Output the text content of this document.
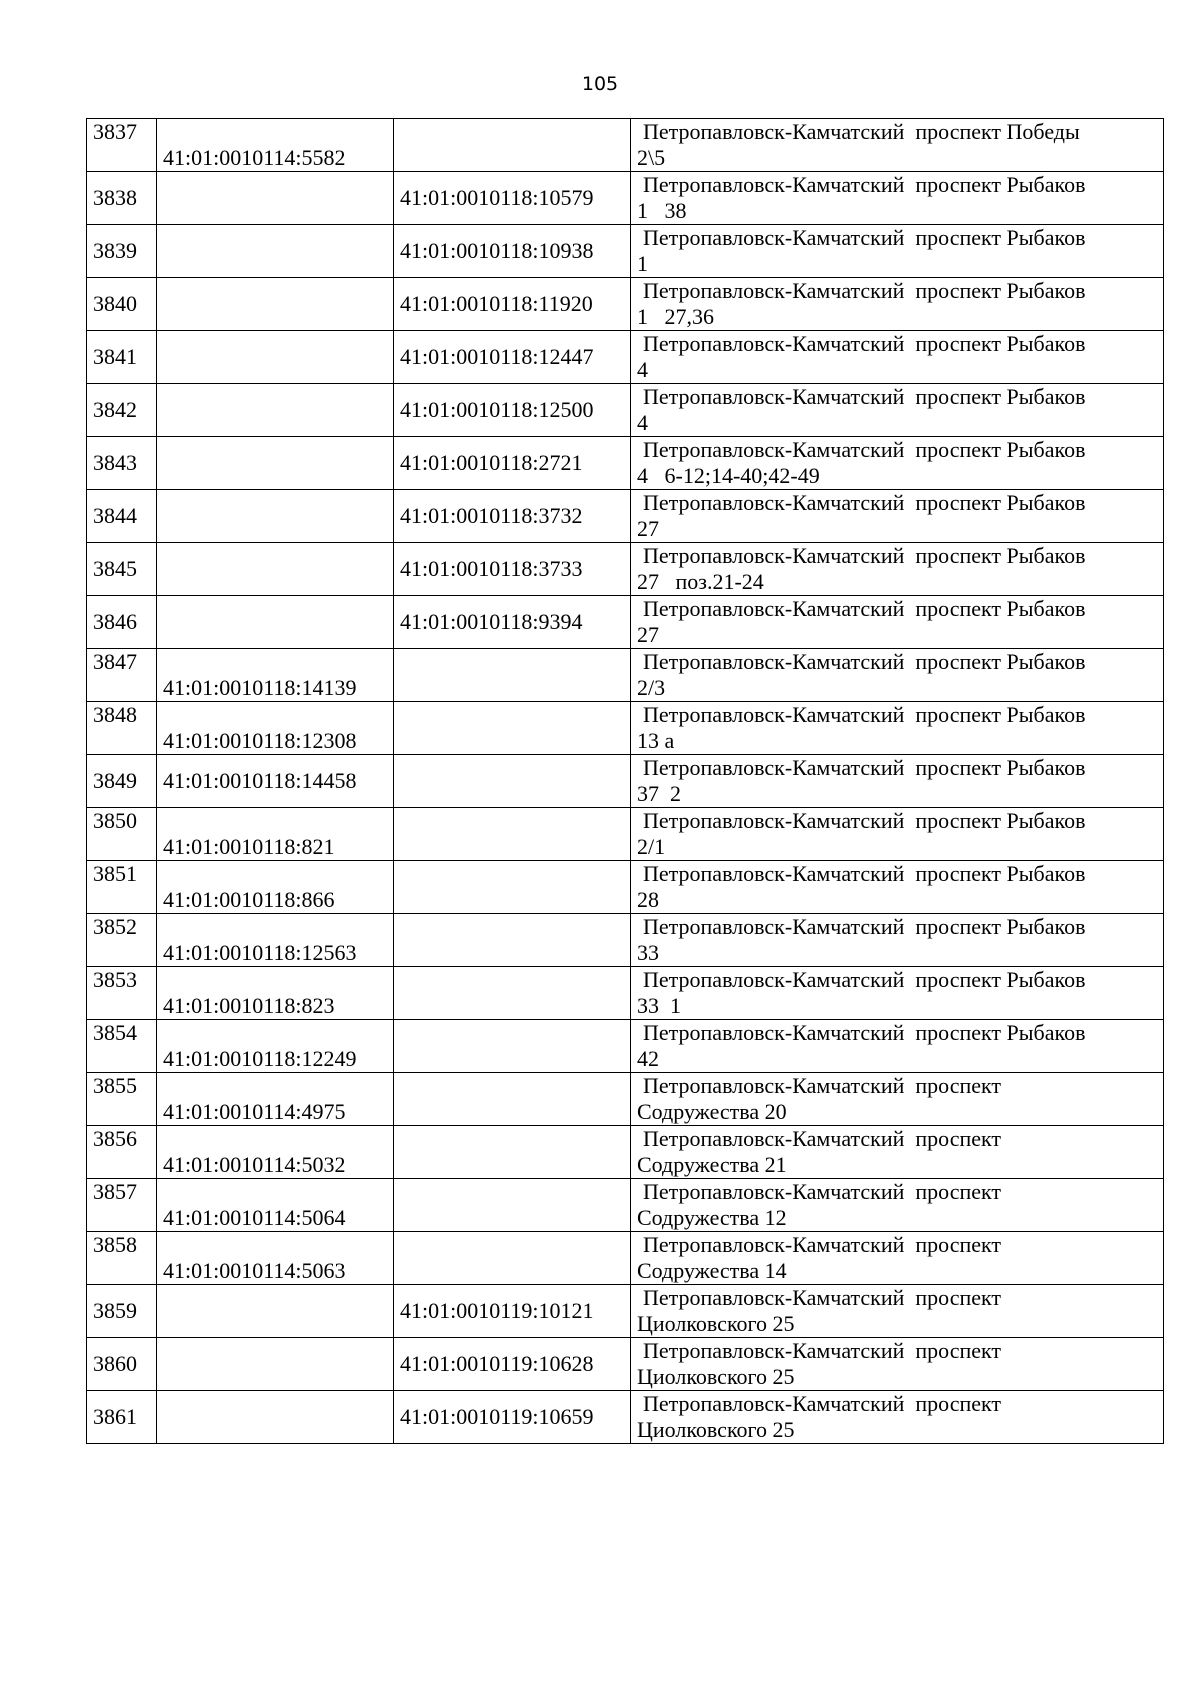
105
3837	41:01:0010114:5582		Петропавловск-Камчатский  проспект Победы
2\5

3838		41:01:0010118:10579	Петропавловск-Камчатский  проспект Рыбаков
1   38

3839		41:01:0010118:10938	Петропавловск-Камчатский  проспект Рыбаков
1

3840		41:01:0010118:11920	Петропавловск-Камчатский  проспект Рыбаков
1   27,36

3841		41:01:0010118:12447	Петропавловск-Камчатский  проспект Рыбаков
4

3842		41:01:0010118:12500	Петропавловск-Камчатский  проспект Рыбаков
4

3843		41:01:0010118:2721	Петропавловск-Камчатский  проспект Рыбаков
4   6-12;14-40;42-49

3844		41:01:0010118:3732	Петропавловск-Камчатский  проспект Рыбаков
27

3845		41:01:0010118:3733	Петропавловск-Камчатский  проспект Рыбаков
27   поз.21-24

3846		41:01:0010118:9394	Петропавловск-Камчатский  проспект Рыбаков
27

3847	41:01:0010118:14139		Петропавловск-Камчатский  проспект Рыбаков
2/3

3848	41:01:0010118:12308		Петропавловск-Камчатский  проспект Рыбаков
13 а

3849	41:01:0010118:14458		Петропавловск-Камчатский  проспект Рыбаков
37  2

3850	41:01:0010118:821		Петропавловск-Камчатский  проспект Рыбаков
2/1

3851	41:01:0010118:866		Петропавловск-Камчатский  проспект Рыбаков
28

3852	41:01:0010118:12563		Петропавловск-Камчатский  проспект Рыбаков
33

3853	41:01:0010118:823		Петропавловск-Камчатский  проспект Рыбаков
33  1

3854	41:01:0010118:12249		Петропавловск-Камчатский  проспект Рыбаков
42

3855	41:01:0010114:4975		Петропавловск-Камчатский  проспект
Содружества 20

3856	41:01:0010114:5032		Петропавловск-Камчатский  проспект
Содружества 21

3857	41:01:0010114:5064		Петропавловск-Камчатский  проспект
Содружества 12

3858	41:01:0010114:5063		Петропавловск-Камчатский  проспект
Содружества 14

3859		41:01:0010119:10121	Петропавловск-Камчатский  проспект
Циолковского 25

3860		41:01:0010119:10628	Петропавловск-Камчатский  проспект
Циолковского 25

3861		41:01:0010119:10659	Петропавловск-Камчатский  проспект
Циолковского 25
